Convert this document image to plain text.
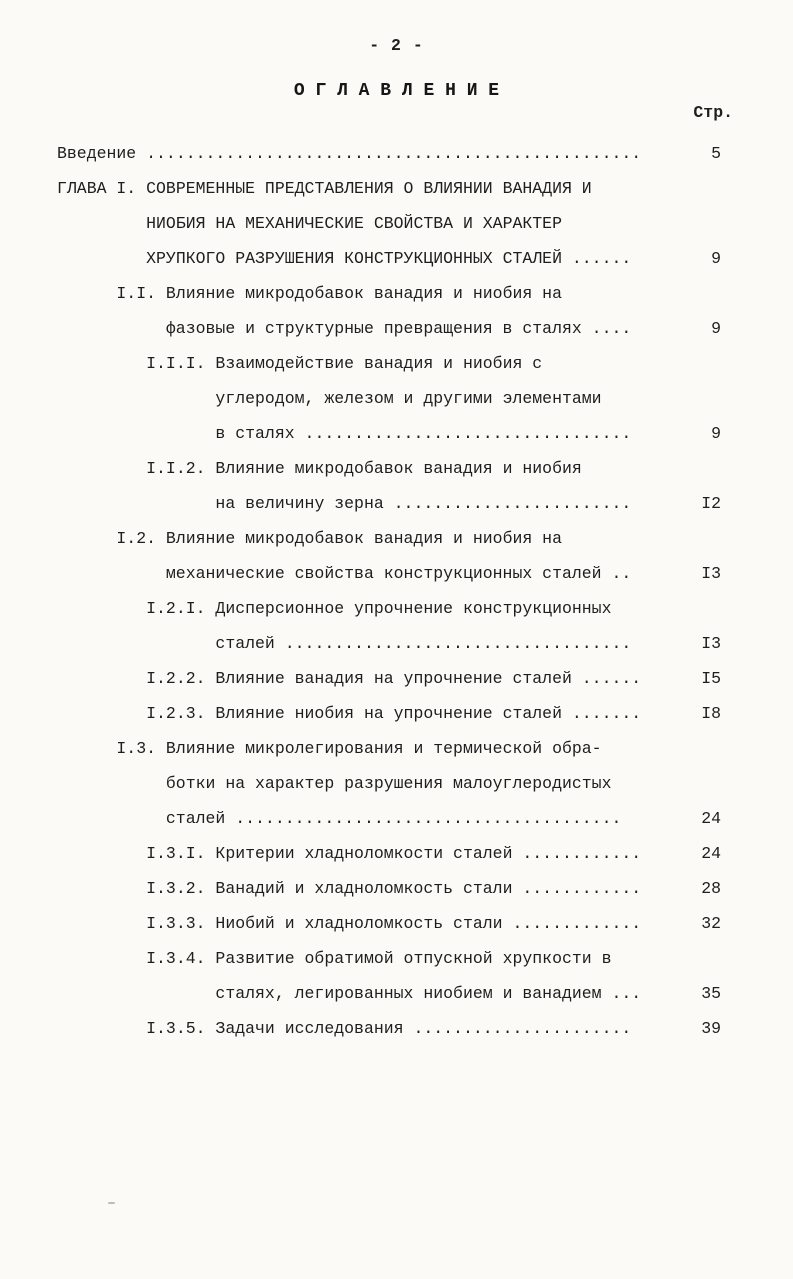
- 2 -
О Г Л А В Л Е Н И Е
Стр.
Введение ..................................................	5
ГЛАВА I. СОВРЕМЕННЫЕ ПРЕДСТАВЛЕНИЯ О ВЛИЯНИИ ВАНАДИЯ И
НИОБИЯ НА МЕХАНИЧЕСКИЕ СВОЙСТВА И ХАРАКТЕР
ХРУПКОГО РАЗРУШЕНИЯ КОНСТРУКЦИОННЫХ СТАЛЕЙ ......	9
I.I. Влияние микродобавок ванадия и ниобия на
фазовые и структурные превращения в сталях ....	9
I.I.I. Взаимодействие ванадия и ниобия с
углеродом, железом и другими элементами
в сталях .................................	9
I.I.2. Влияние микродобавок ванадия и ниобия
на величину зерна ........................	I2
I.2. Влияние микродобавок ванадия и ниобия на
механические свойства конструкционных сталей ..	I3
I.2.I. Дисперсионное упрочнение конструкционных
сталей ...................................	I3
I.2.2. Влияние ванадия на упрочнение сталей ......	I5
I.2.3. Влияние ниобия на упрочнение сталей .......	I8
I.3. Влияние микролегирования и термической обра-
ботки на характер разрушения малоуглеродистых
сталей .......................................	24
I.3.I. Критерии хладноломкости сталей ............	24
I.3.2. Ванадий и хладноломкость стали ............	28
I.3.3. Ниобий и хладноломкость стали .............	32
I.3.4. Развитие обратимой отпускной хрупкости в
сталях, легированных ниобием и ванадием ...	35
I.3.5. Задачи исследования ......................	39
